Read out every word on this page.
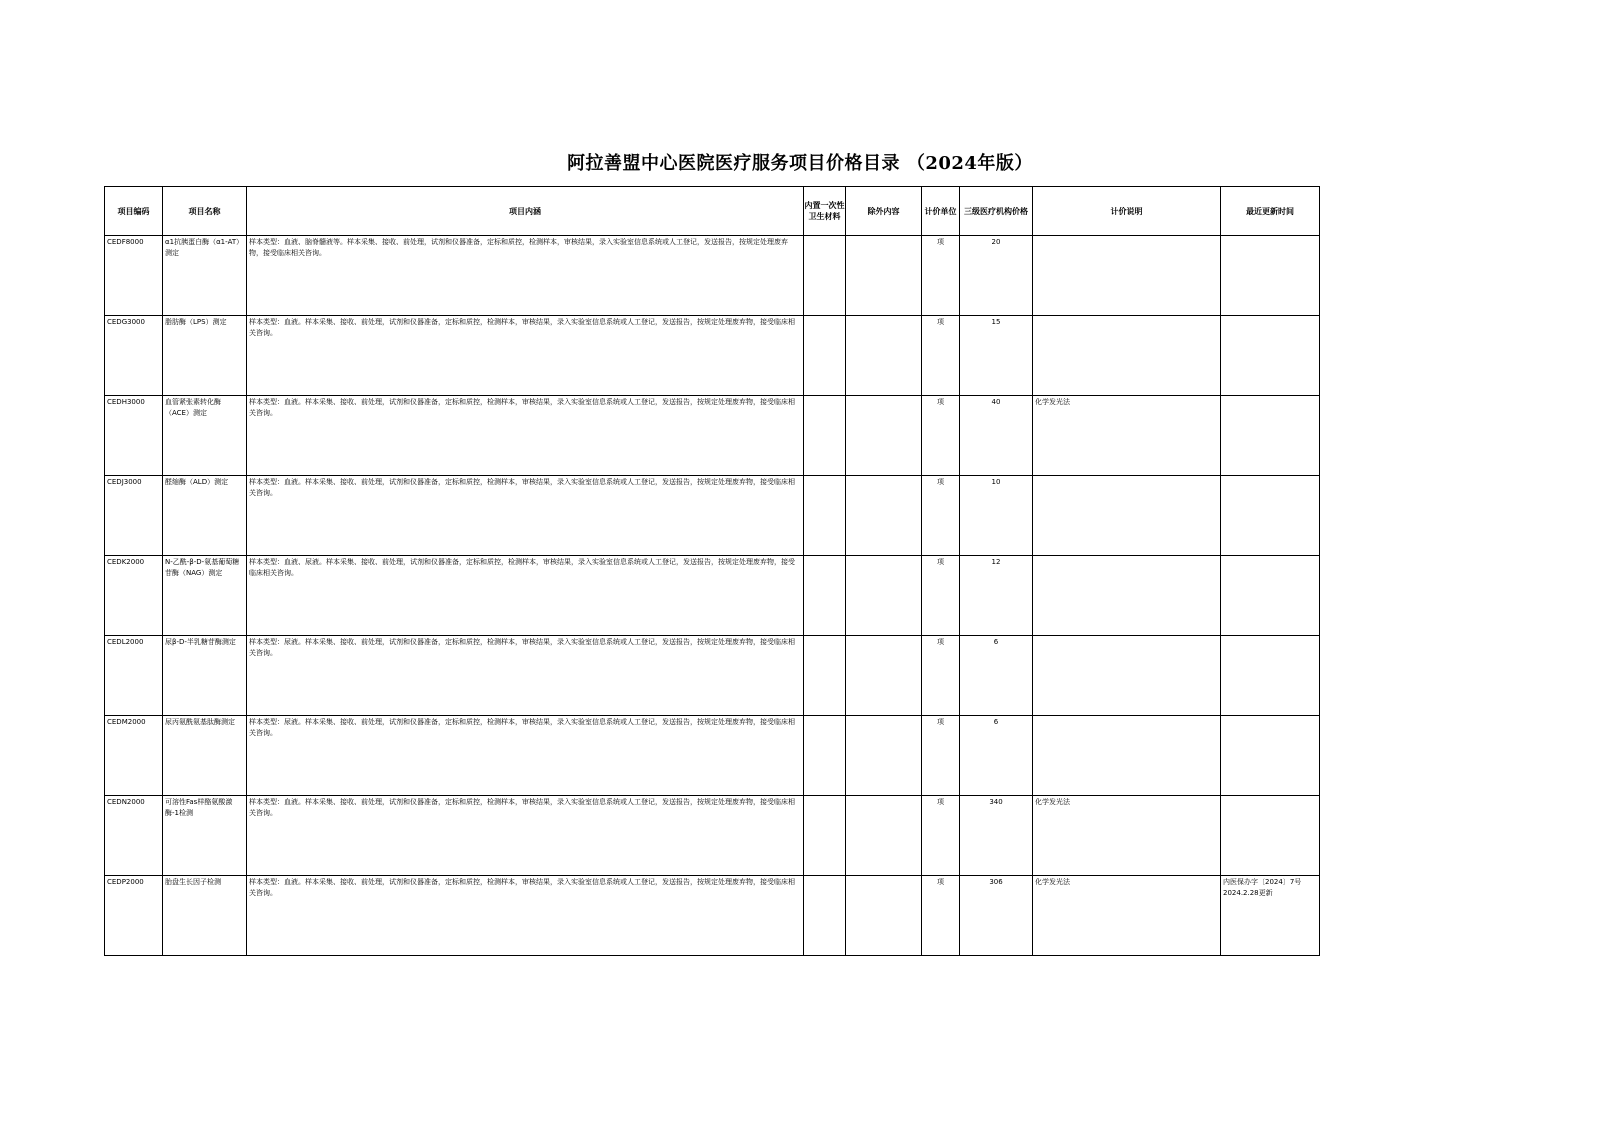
阿拉善盟中心医院医疗服务项目价格目录 （2024年版）
项目编码	项目名称	项目内涵	内置一次性卫生材料	除外内容	计价单位	三级医疗机构价格	计价说明	最近更新时间
CEDF8000	α1抗胰蛋白酶（α1-AT）测定	样本类型：血液、脑脊髓液等。样本采集、接收、前处理，试剂和仪器准备，定标和质控，检测样本，审核结果，录入实验室信息系统或人工登记，发送报告，按规定处理废弃物，接受临床相关咨询。			项	20		
CEDG3000	脂肪酶（LPS）测定	样本类型：血液。样本采集、接收、前处理，试剂和仪器准备，定标和质控，检测样本，审核结果，录入实验室信息系统或人工登记，发送报告，按规定处理废弃物，接受临床相关咨询。			项	15		
CEDH3000	血管紧张素转化酶（ACE）测定	样本类型：血液。样本采集、接收、前处理，试剂和仪器准备，定标和质控，检测样本，审核结果，录入实验室信息系统或人工登记，发送报告，按规定处理废弃物，接受临床相关咨询。			项	40	化学发光法	
CEDJ3000	醛缩酶（ALD）测定	样本类型：血液。样本采集、接收、前处理，试剂和仪器准备，定标和质控，检测样本，审核结果，录入实验室信息系统或人工登记，发送报告，按规定处理废弃物，接受临床相关咨询。			项	10		
CEDK2000	N-乙酰-β-D-氨基葡萄糖苷酶（NAG）测定	样本类型：血液、尿液。样本采集、接收、前处理，试剂和仪器准备，定标和质控，检测样本，审核结果，录入实验室信息系统或人工登记，发送报告，按规定处理废弃物，接受临床相关咨询。			项	12		
CEDL2000	尿β-D-半乳糖苷酶测定	样本类型：尿液。样本采集、接收、前处理，试剂和仪器准备，定标和质控，检测样本，审核结果，录入实验室信息系统或人工登记，发送报告，按规定处理废弃物，接受临床相关咨询。			项	6		
CEDM2000	尿丙氨酰氨基肽酶测定	样本类型：尿液。样本采集、接收、前处理，试剂和仪器准备，定标和质控，检测样本，审核结果，录入实验室信息系统或人工登记，发送报告，按规定处理废弃物，接受临床相关咨询。			项	6		
CEDN2000	可溶性Fas样酪氨酸激酶-1检测	样本类型：血液。样本采集、接收、前处理，试剂和仪器准备，定标和质控，检测样本，审核结果，录入实验室信息系统或人工登记，发送报告，按规定处理废弃物，接受临床相关咨询。			项	340	化学发光法	
CEDP2000	胎盘生长因子检测	样本类型：血液。样本采集、接收、前处理，试剂和仪器准备，定标和质控，检测样本，审核结果，录入实验室信息系统或人工登记，发送报告，按规定处理废弃物，接受临床相关咨询。			项	306	化学发光法	内医保办字〔2024〕7号 2024.2.28更新
